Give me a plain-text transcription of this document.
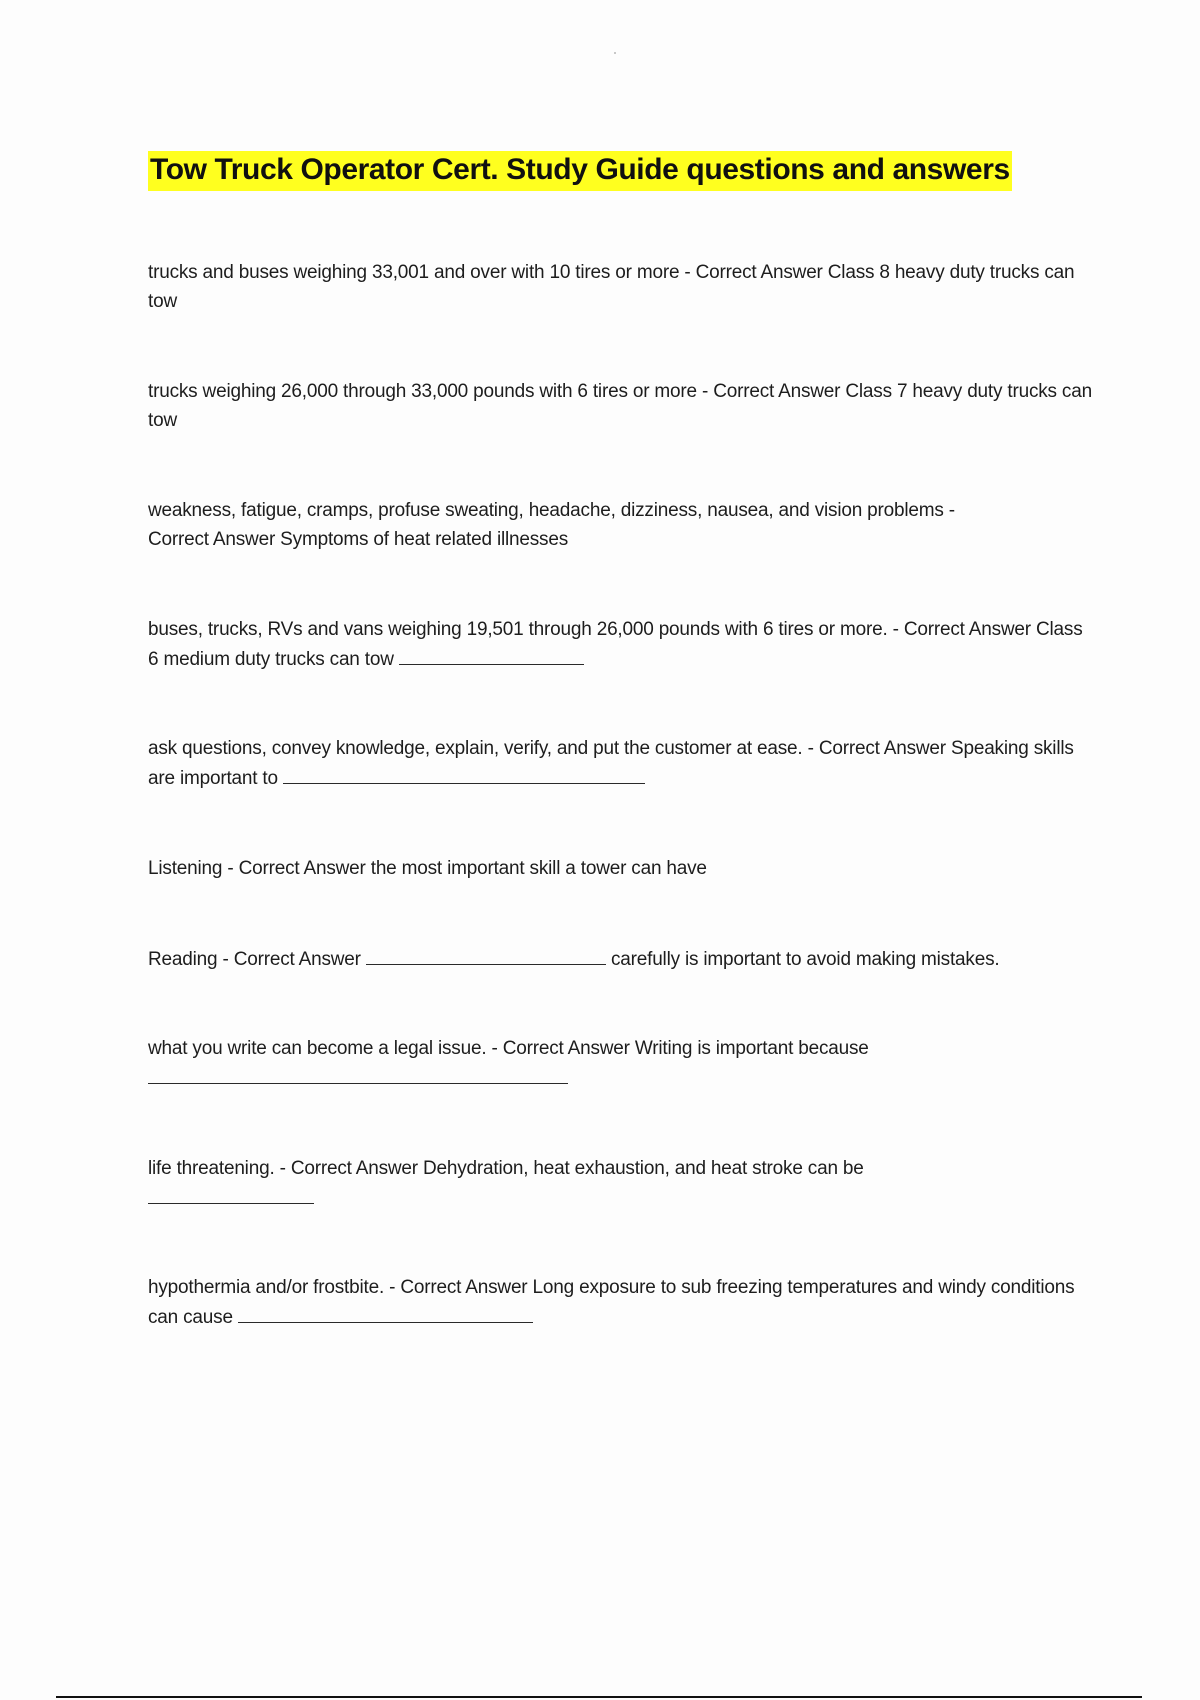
Tow Truck Operator Cert. Study Guide questions and answers

trucks and buses weighing 33,001 and over with 10 tires or more - Correct Answer Class 8 heavy duty trucks can tow

trucks weighing 26,000 through 33,000 pounds with 6 tires or more - Correct Answer Class 7 heavy duty trucks can tow

weakness, fatigue, cramps, profuse sweating, headache, dizziness, nausea, and vision problems -
Correct Answer Symptoms of heat related illnesses

buses, trucks, RVs and vans weighing 19,501 through 26,000 pounds with 6 tires or more. - Correct Answer Class 6 medium duty trucks can tow

ask questions, convey knowledge, explain, verify, and put the customer at ease. - Correct Answer Speaking skills are important to

Listening - Correct Answer the most important skill a tower can have

Reading - Correct Answer	carefully is important to avoid making mistakes.

what you write can become a legal issue. - Correct Answer Writing is important because

life threatening. - Correct Answer Dehydration, heat exhaustion, and heat stroke can be

hypothermia and/or frostbite. - Correct Answer Long exposure to sub freezing temperatures and windy conditions can cause
